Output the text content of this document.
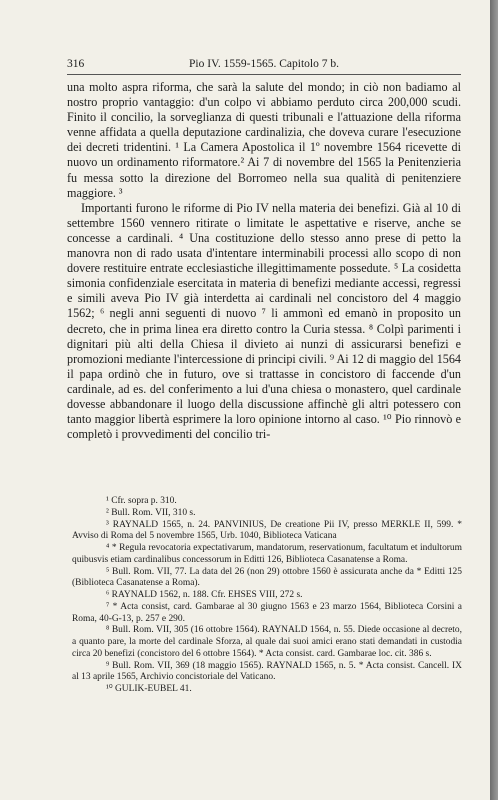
316	Pio IV. 1559-1565. Capitolo 7 b.

una molto aspra riforma, che sarà la salute del mondo; in ciò non badiamo al nostro proprio vantaggio: d'un colpo vi abbiamo perduto circa 200,000 scudi. Finito il concilio, la sorveglianza di questi tribunali e l'attuazione della riforma venne affidata a quella deputazione cardinalizia, che doveva curare l'esecuzione dei decreti tridentini. ¹ La Camera Apostolica il 1º novembre 1564 ricevette di nuovo un ordinamento riformatore.² Ai 7 di novembre del 1565 la Penitenzieria fu messa sotto la direzione del Borromeo nella sua qualità di penitenziere maggiore. ³

Importanti furono le riforme di Pio IV nella materia dei benefizi. Già al 10 di settembre 1560 vennero ritirate o limitate le aspettative e riserve, anche se concesse a cardinali. ⁴ Una costituzione dello stesso anno prese di petto la manovra non di rado usata d'intentare interminabili processi allo scopo di non dovere restituire entrate ecclesiastiche illegittimamente possedute. ⁵ La cosidetta simonia confidenziale esercitata in materia di benefizi mediante accessi, regressi e simili aveva Pio IV già interdetta ai cardinali nel concistoro del 4 maggio 1562; ⁶ negli anni seguenti di nuovo ⁷ li ammonì ed emanò in proposito un decreto, che in prima linea era diretto contro la Curia stessa. ⁸ Colpì parimenti i dignitari più alti della Chiesa il divieto ai nunzi di assicurarsi benefizi e promozioni mediante l'intercessione di principi civili. ⁹ Ai 12 di maggio del 1564 il papa ordinò che in futuro, ove si trattasse in concistoro di faccende d'un cardinale, ad es. del conferimento a lui d'una chiesa o monastero, quel cardinale dovesse abbandonare il luogo della discussione affinchè gli altri potessero con tanto maggior libertà esprimere la loro opinione intorno al caso. ¹⁰ Pio rinnovò e completò i provvedimenti del concilio tri-

¹ Cfr. sopra p. 310.

² Bull. Rom. VII, 310 s.

³ RAYNALD 1565, n. 24. PANVINIUS, De creatione Pii IV, presso MERKLE II, 599. * Avviso di Roma del 5 novembre 1565, Urb. 1040, Biblioteca Vaticana

⁴ * Regula revocatoria expectativarum, mandatorum, reservationum, facultatum et indultorum quibusvis etiam cardinalibus concessorum in Editti 126, Biblioteca Casanatense a Roma.

⁵ Bull. Rom. VII, 77. La data del 26 (non 29) ottobre 1560 è assicurata anche da * Editti 125 (Biblioteca Casanatense a Roma).

⁶ RAYNALD 1562, n. 188. Cfr. EHSES VIII, 272 s.

⁷ * Acta consist, card. Gambarae al 30 giugno 1563 e 23 marzo 1564, Biblioteca Corsini a Roma, 40-G-13, p. 257 e 290.

⁸ Bull. Rom. VII, 305 (16 ottobre 1564). RAYNALD 1564, n. 55. Diede occasione al decreto, a quanto pare, la morte del cardinale Sforza, al quale dai suoi amici erano stati demandati in custodia circa 20 benefizi (concistoro del 6 ottobre 1564). * Acta consist. card. Gambarae loc. cit. 386 s.

⁹ Bull. Rom. VII, 369 (18 maggio 1565). RAYNALD 1565, n. 5. * Acta consist. Cancell. IX al 13 aprile 1565, Archivio concistoriale del Vaticano.

¹⁰ GULIK-EUBEL 41.
